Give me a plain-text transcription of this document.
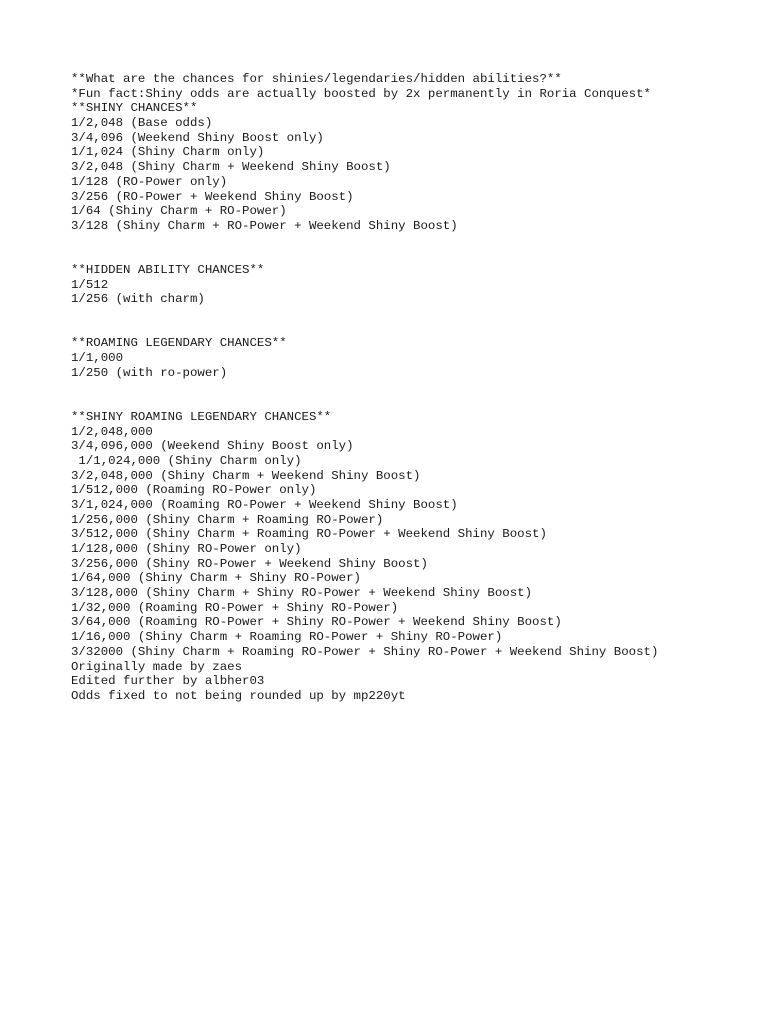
**What are the chances for shinies/legendaries/hidden abilities?**
*Fun fact:Shiny odds are actually boosted by 2x permanently in Roria Conquest*
**SHINY CHANCES**
1/2,048 (Base odds)
3/4,096 (Weekend Shiny Boost only)
1/1,024 (Shiny Charm only)
3/2,048 (Shiny Charm + Weekend Shiny Boost)
1/128 (RO-Power only)
3/256 (RO-Power + Weekend Shiny Boost)
1/64 (Shiny Charm + RO-Power)
3/128 (Shiny Charm + RO-Power + Weekend Shiny Boost)
**HIDDEN ABILITY CHANCES**
1/512
1/256 (with charm)
**ROAMING LEGENDARY CHANCES**
1/1,000
1/250 (with ro-power)
**SHINY ROAMING LEGENDARY CHANCES**
1/2,048,000
3/4,096,000 (Weekend Shiny Boost only)
1/1,024,000 (Shiny Charm only)
3/2,048,000 (Shiny Charm + Weekend Shiny Boost)
1/512,000 (Roaming RO-Power only)
3/1,024,000 (Roaming RO-Power + Weekend Shiny Boost)
1/256,000 (Shiny Charm + Roaming RO-Power)
3/512,000 (Shiny Charm + Roaming RO-Power + Weekend Shiny Boost)
1/128,000 (Shiny RO-Power only)
3/256,000 (Shiny RO-Power + Weekend Shiny Boost)
1/64,000 (Shiny Charm + Shiny RO-Power)
3/128,000 (Shiny Charm + Shiny RO-Power + Weekend Shiny Boost)
1/32,000 (Roaming RO-Power + Shiny RO-Power)
3/64,000 (Roaming RO-Power + Shiny RO-Power + Weekend Shiny Boost)
1/16,000 (Shiny Charm + Roaming RO-Power + Shiny RO-Power)
3/32000 (Shiny Charm + Roaming RO-Power + Shiny RO-Power + Weekend Shiny Boost)
Originally made by zaes
Edited further by albher03
Odds fixed to not being rounded up by mp220yt
